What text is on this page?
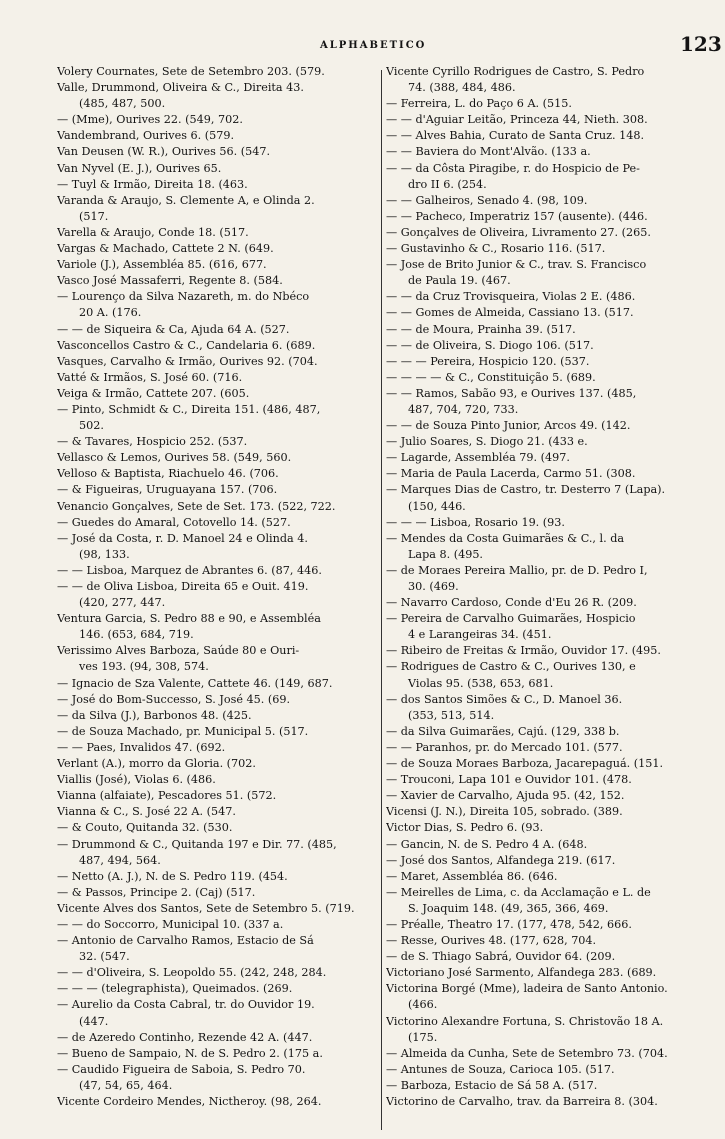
ALPHABETICO	123
Volery Cournates, Sete de Setembro 203. (579.
Valle, Drummond, Oliveira & C., Direita 43.
(485, 487, 500.
— (Mme), Ourives 22. (549, 702.
Vandembrand, Ourives 6. (579.
Van Deusen (W. R.), Ourives 56. (547.
Van Nyvel (E. J.), Ourives 65.
— Tuyl & Irmão, Direita 18. (463.
Varanda & Araujo, S. Clemente A, e Olinda 2.
(517.
Varella & Araujo, Conde 18. (517.
Vargas & Machado, Cattete 2 N. (649.
Variole (J.), Assembléa 85. (616, 677.
Vasco José Massaferri, Regente 8. (584.
— Lourenço da Silva Nazareth, m. do Nbéco
20 A. (176.
— — de Siqueira & Ca, Ajuda 64 A. (527.
Vasconcellos Castro & C., Candelaria 6. (689.
Vasques, Carvalho & Irmão, Ourives 92. (704.
Vatté & Irmãos, S. José 60. (716.
Veiga & Irmão, Cattete 207. (605.
— Pinto, Schmidt & C., Direita 151. (486, 487,
502.
— & Tavares, Hospicio 252. (537.
Vellasco & Lemos, Ourives 58. (549, 560.
Velloso & Baptista, Riachuelo 46. (706.
— & Figueiras, Uruguayana 157. (706.
Venancio Gonçalves, Sete de Set. 173. (522, 722.
— Guedes do Amaral, Cotovello 14. (527.
— José da Costa, r. D. Manoel 24 e Olinda 4.
(98, 133.
— — Lisboa, Marquez de Abrantes 6. (87, 446.
— — de Oliva Lisboa, Direita 65 e Ouit. 419.
(420, 277, 447.
Ventura Garcia, S. Pedro 88 e 90, e Assembléa
146. (653, 684, 719.
Verissimo Alves Barboza, Saúde 80 e Ouri-
ves 193. (94, 308, 574.
— Ignacio de Sza Valente, Cattete 46. (149, 687.
— José do Bom-Successo, S. José 45. (69.
— da Silva (J.), Barbonos 48. (425.
— de Souza Machado, pr. Municipal 5. (517.
— — Paes, Invalidos 47. (692.
Verlant (A.), morro da Gloria. (702.
Viallis (José), Violas 6. (486.
Vianna (alfaiate), Pescadores 51. (572.
Vianna & C., S. José 22 A. (547.
— & Couto, Quitanda 32. (530.
— Drummond & C., Quitanda 197 e Dir. 77. (485,
487, 494, 564.
— Netto (A. J.), N. de S. Pedro 119. (454.
— & Passos, Principe 2. (Caj) (517.
Vicente Alves dos Santos, Sete de Setembro 5. (719.
— — do Soccorro, Municipal 10. (337 a.
— Antonio de Carvalho Ramos, Estacio de Sá
32. (547.
— — d'Oliveira, S. Leopoldo 55. (242, 248, 284.
— — — (telegraphista), Queimados. (269.
— Aurelio da Costa Cabral, tr. do Ouvidor 19.
(447.
— de Azeredo Continho, Rezende 42 A. (447.
— Bueno de Sampaio, N. de S. Pedro 2. (175 a.
— Caudido Figueira de Saboia, S. Pedro 70.
(47, 54, 65, 464.
Vicente Cordeiro Mendes, Nictheroy. (98, 264.
Vicente Cyrillo Rodrigues de Castro, S. Pedro
74. (388, 484, 486.
— Ferreira, L. do Paço 6 A. (515.
— — d'Aguiar Leitão, Princeza 44, Nieth. 308.
— — Alves Bahia, Curato de Santa Cruz. 148.
— — Baviera do Mont'Alvão. (133 a.
— — da Côsta Piragibe, r. do Hospicio de Pe-
dro II 6. (254.
— — Galheiros, Senado 4. (98, 109.
— — Pacheco, Imperatriz 157 (ausente). (446.
— Gonçalves de Oliveira, Livramento 27. (265.
— Gustavinho & C., Rosario 116. (517.
— Jose de Brito Junior & C., trav. S. Francisco
de Paula 19. (467.
— — da Cruz Trovisqueira, Violas 2 E. (486.
— — Gomes de Almeida, Cassiano 13. (517.
— — de Moura, Prainha 39. (517.
— — de Oliveira, S. Diogo 106. (517.
— — — Pereira, Hospicio 120. (537.
— — — — & C., Constituição 5. (689.
— — Ramos, Sabão 93, e Ourives 137. (485,
487, 704, 720, 733.
— — de Souza Pinto Junior, Arcos 49. (142.
— Julio Soares, S. Diogo 21. (433 e.
— Lagarde, Assembléa 79. (497.
— Maria de Paula Lacerda, Carmo 51. (308.
— Marques Dias de Castro, tr. Desterro 7 (Lapa).
(150, 446.
— — — Lisboa, Rosario 19. (93.
— Mendes da Costa Guimarães & C., l. da
Lapa 8. (495.
— de Moraes Pereira Mallio, pr. de D. Pedro I,
30. (469.
— Navarro Cardoso, Conde d'Eu 26 R. (209.
— Pereira de Carvalho Guimarães, Hospicio
4 e Larangeiras 34. (451.
— Ribeiro de Freitas & Irmão, Ouvidor 17. (495.
— Rodrigues de Castro & C., Ourives 130, e
Violas 95. (538, 653, 681.
— dos Santos Simões & C., D. Manoel 36.
(353, 513, 514.
— da Silva Guimarães, Cajú. (129, 338 b.
— — Paranhos, pr. do Mercado 101. (577.
— de Souza Moraes Barboza, Jacarepaguá. (151.
— Trouconi, Lapa 101 e Ouvidor 101. (478.
— Xavier de Carvalho, Ajuda 95. (42, 152.
Vicensi (J. N.), Direita 105, sobrado. (389.
Victor Dias, S. Pedro 6. (93.
— Gancin, N. de S. Pedro 4 A. (648.
— José dos Santos, Alfandega 219. (617.
— Maret, Assembléa 86. (646.
— Meirelles de Lima, c. da Acclamação e L. de
S. Joaquim 148. (49, 365, 366, 469.
— Préalle, Theatro 17. (177, 478, 542, 666.
— Resse, Ourives 48. (177, 628, 704.
— de S. Thiago Sabrá, Ouvidor 64. (209.
Victoriano José Sarmento, Alfandega 283. (689.
Victorina Borgé (Mme), ladeira de Santo Antonio.
(466.
Victorino Alexandre Fortuna, S. Christovão 18 A.
(175.
— Almeida da Cunha, Sete de Setembro 73. (704.
— Antunes de Souza, Carioca 105. (517.
— Barboza, Estacio de Sá 58 A. (517.
Victorino de Carvalho, trav. da Barreira 8. (304.
